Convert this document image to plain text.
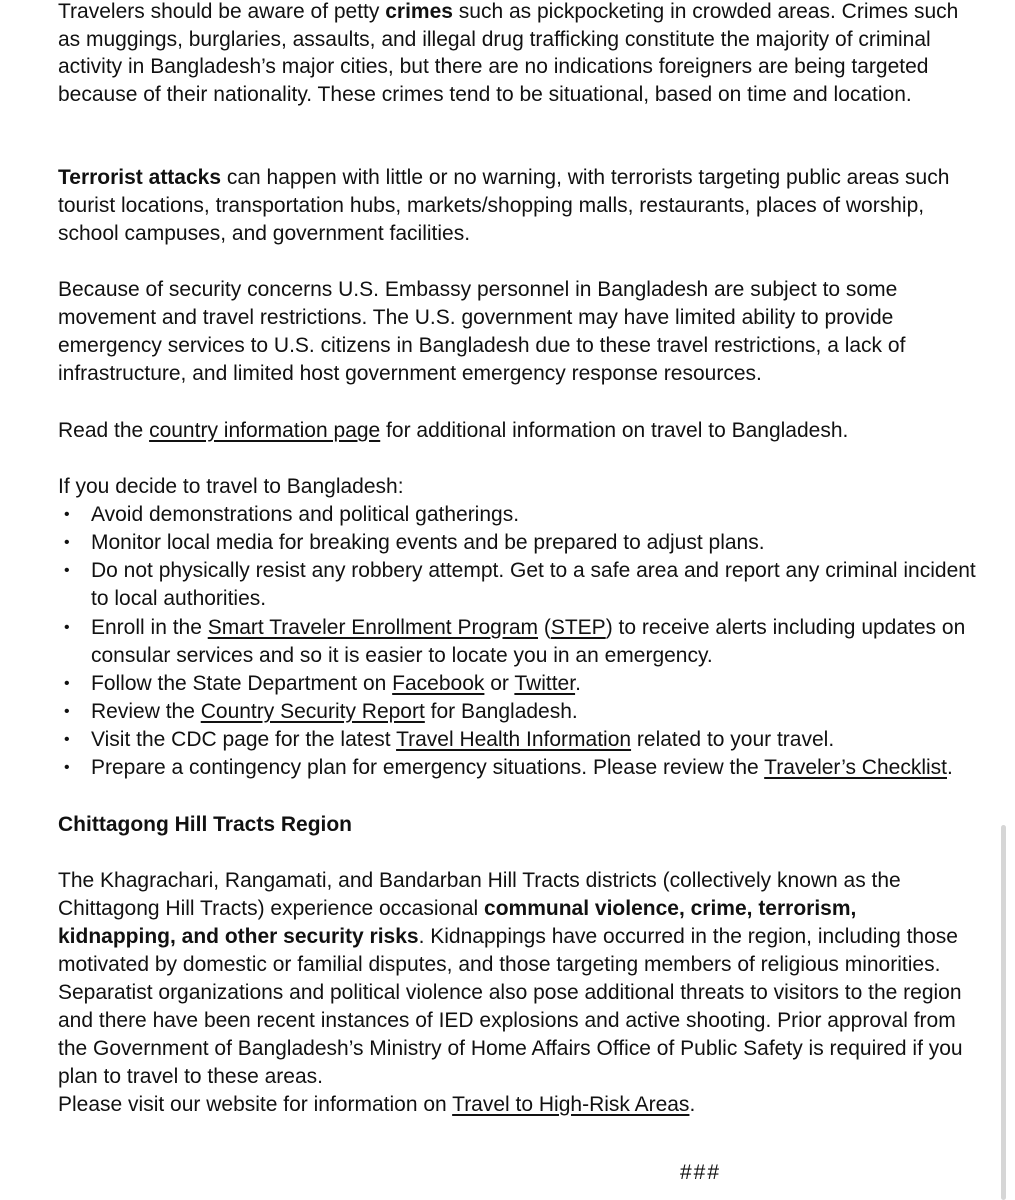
Travelers should be aware of petty crimes such as pickpocketing in crowded areas. Crimes such
as muggings, burglaries, assaults, and illegal drug trafficking constitute the majority of criminal
activity in Bangladesh’s major cities, but there are no indications foreigners are being targeted
because of their nationality. These crimes tend to be situational, based on time and location.
Terrorist attacks can happen with little or no warning, with terrorists targeting public areas such
tourist locations, transportation hubs, markets/shopping malls, restaurants, places of worship,
school campuses, and government facilities.
Because of security concerns U.S. Embassy personnel in Bangladesh are subject to some
movement and travel restrictions. The U.S. government may have limited ability to provide
emergency services to U.S. citizens in Bangladesh due to these travel restrictions, a lack of
infrastructure, and limited host government emergency response resources.
Read the country information page for additional information on travel to Bangladesh.
If you decide to travel to Bangladesh:
• Avoid demonstrations and political gatherings.
• Monitor local media for breaking events and be prepared to adjust plans.
• Do not physically resist any robbery attempt. Get to a safe area and report any criminal incident
to local authorities.
• Enroll in the Smart Traveler Enrollment Program (STEP) to receive alerts including updates on
consular services and so it is easier to locate you in an emergency.
• Follow the State Department on Facebook or Twitter.
• Review the Country Security Report for Bangladesh.
• Visit the CDC page for the latest Travel Health Information related to your travel.
• Prepare a contingency plan for emergency situations. Please review the Traveler’s Checklist.
Chittagong Hill Tracts Region
The Khagrachari, Rangamati, and Bandarban Hill Tracts districts (collectively known as the
Chittagong Hill Tracts) experience occasional communal violence, crime, terrorism,
kidnapping, and other security risks. Kidnappings have occurred in the region, including those
motivated by domestic or familial disputes, and those targeting members of religious minorities.
Separatist organizations and political violence also pose additional threats to visitors to the region
and there have been recent instances of IED explosions and active shooting. Prior approval from
the Government of Bangladesh’s Ministry of Home Affairs Office of Public Safety is required if you
plan to travel to these areas.
Please visit our website for information on Travel to High-Risk Areas.
###
